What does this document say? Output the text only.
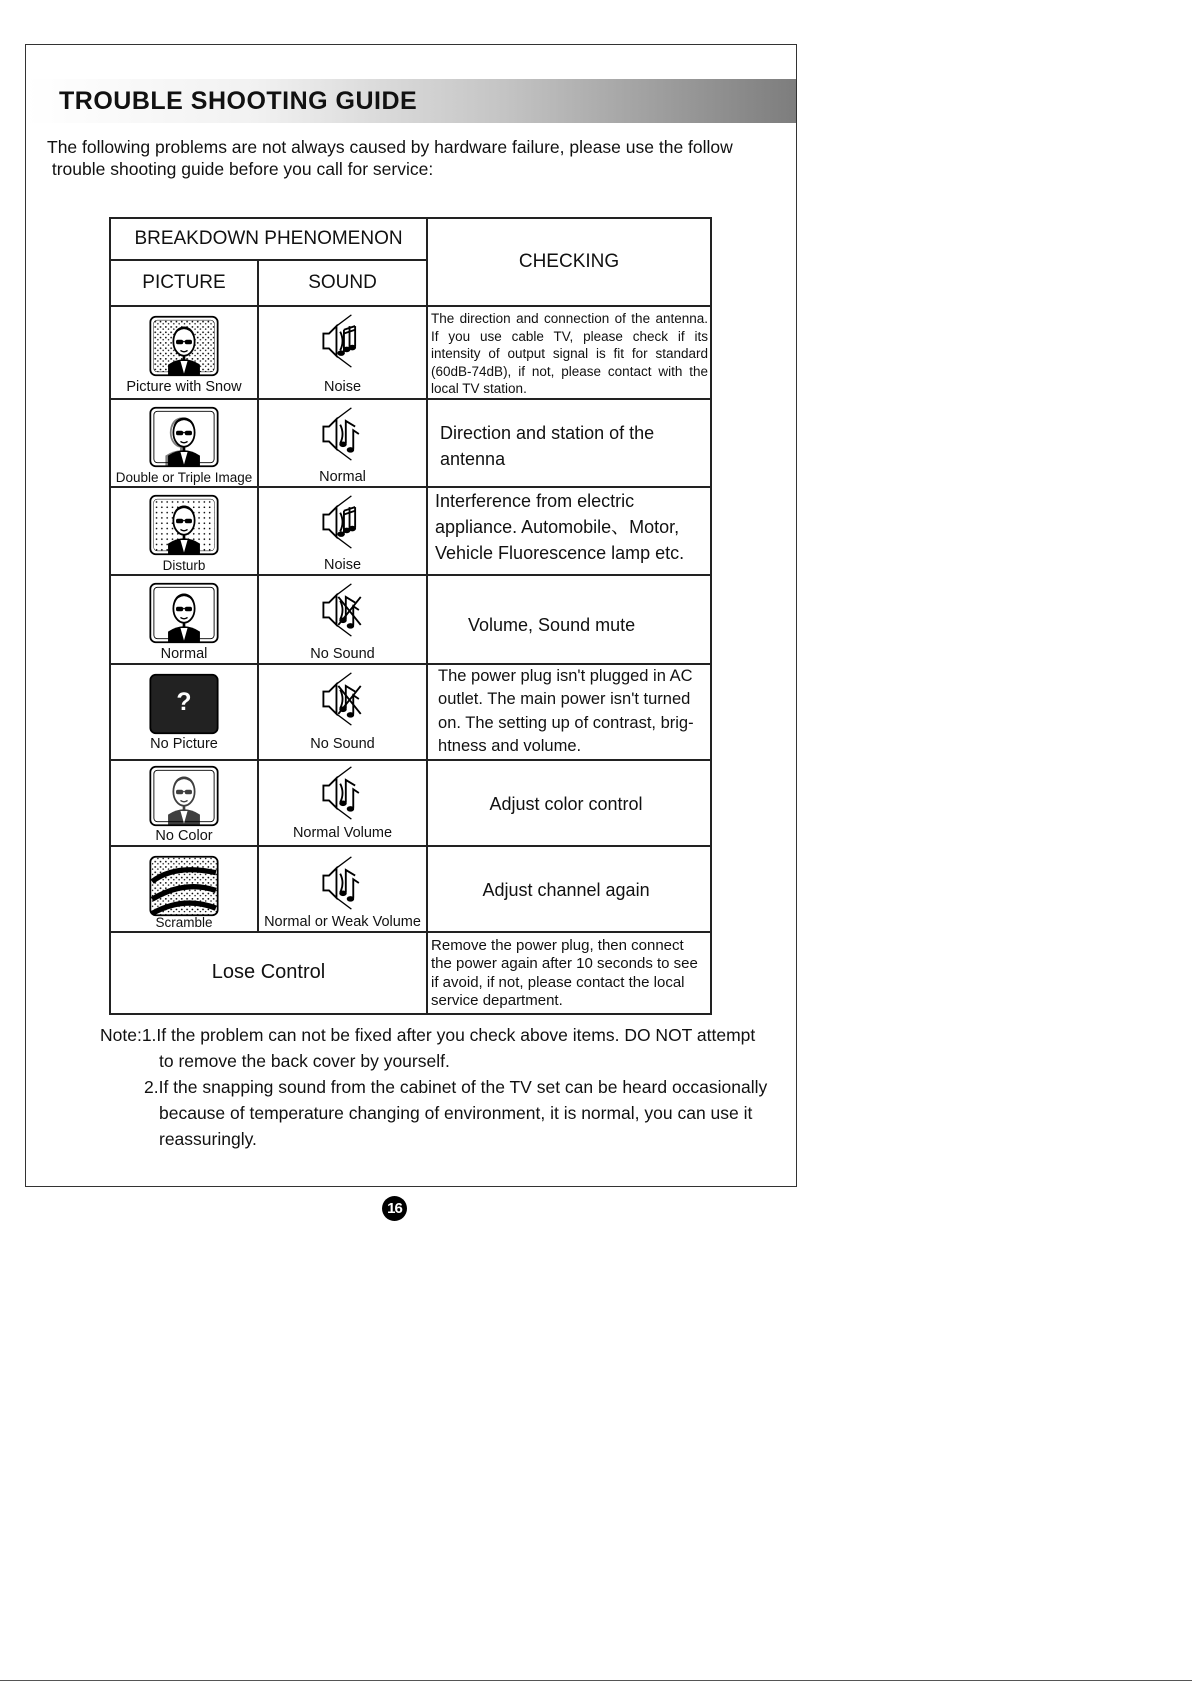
TROUBLE SHOOTING GUIDE
The following problems are not always caused by hardware failure, please use the follow
trouble shooting guide before you call for service:
BREAKDOWN PHENOMENON		CHECKING
PICTURE	SOUND	

Picture with Snow	Noise	The direction and connection of the antenna. If you use cable TV, please check if its intensity of output signal is fit for standard (60dB-74dB), if not, please contact with the local TV station.

Double or Triple Image	Normal	Direction and station of the antenna

Disturb	Noise	Interference from electric appliance. Automobile、Motor, Vehicle Fluorescence lamp etc.

Normal	No Sound	Volume, Sound mute

?
No Picture	No Sound	The power plug isn't plugged in AC outlet. The main power isn't turned on. The setting up of contrast, brig-htness and volume.

No Color	Normal Volume	Adjust color control

Scramble	Normal or Weak Volume	Adjust channel again

Lose Control		Remove the power plug, then connect the power again after 10 seconds to see if avoid, if not, please contact the local service department.
Note:1.If the problem can not be fixed after you check above items. DO NOT attempt
to remove the back cover by yourself.
2.If the snapping sound from the cabinet of the TV set can be heard occasionally
because of temperature changing of environment, it is normal, you can use it
reassuringly.
16
